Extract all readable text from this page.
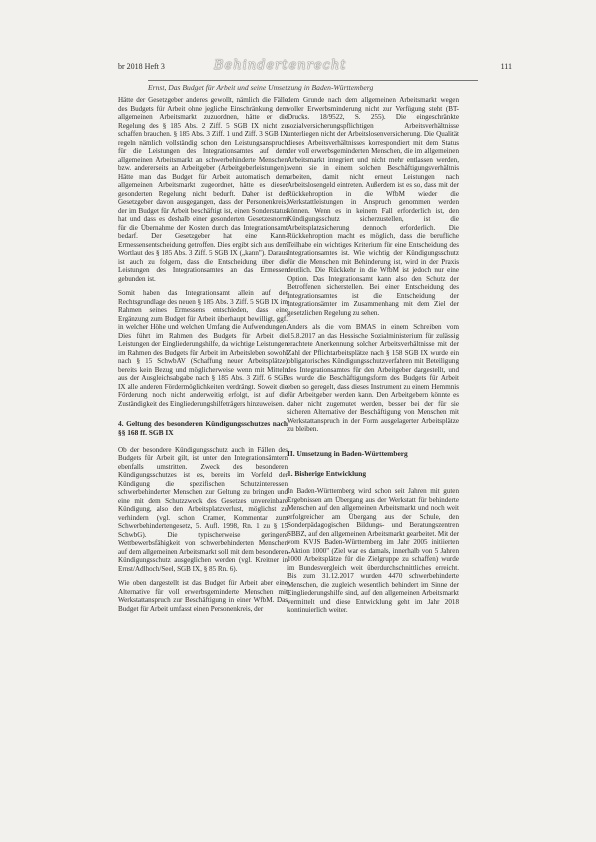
br 2018 Heft 3	Behindertenrecht	111
Ernst, Das Budget für Arbeit und seine Umsetzung in Baden-Württemberg

Hätte der Gesetzgeber anderes gewollt, nämlich die Fälle des Budgets für Arbeit ohne jegliche Einschränkung dem allgemeinen Arbeitsmarkt zuzuordnen, hätte er die Regelung des § 185 Abs. 2 Ziff. 5 SGB IX nicht zu schaffen brauchen. § 185 Abs. 3 Ziff. 1 und Ziff. 3 SGB IX regeln nämlich vollständig schon den Leistungsanspruch für die Leistungen des Integrationsamtes auf dem allgemeinen Arbeitsmarkt an schwerbehinderte Menschen bzw. andererseits an Arbeitgeber (Arbeitgeberleistungen). Hätte man das Budget für Arbeit automatisch dem allgemeinen Arbeitsmarkt zugeordnet, hätte es dieser gesonderten Regelung nicht bedurft. Daher ist der Gesetzgeber davon ausgegangen, dass der Personenkreis, der im Budget für Arbeit beschäftigt ist, einen Sonderstatus hat und dass es deshalb einer gesonderten Gesetzesnorm für die Übernahme der Kosten durch das Integrationsamt bedarf. Der Gesetzgeber hat eine Kann-Ermessensentscheidung getroffen. Dies ergibt sich aus dem Wortlaut des § 185 Abs. 3 Ziff. 5 SGB IX („kann"). Daraus ist auch zu folgern, dass die Entscheidung über die Leistungen des Integrationsamtes an das Ermessen gebunden ist.

Somit haben das Integrationsamt allein auf der Rechtsgrundlage des neuen § 185 Abs. 3 Ziff. 5 SGB IX im Rahmen seines Ermessens entschieden, dass eine Ergänzung zum Budget für Arbeit überhaupt bewilligt, ggf. in welcher Höhe und welchen Umfang die Aufwendungen. Dies führt im Rahmen des Budgets für Arbeit die Leistungen der Eingliederungshilfe, da wichtige Leistungen im Rahmen des Budgets für Arbeit im Arbeitsleben sowohl nach § 15 SchwbAV (Schaffung neuer Arbeitsplätze) bereits kein Bezug und möglicherweise wenn mit Mitteln aus der Ausgleichsabgabe nach § 185 Abs. 3 Ziff. 6 SGB IX alle anderen Fördermöglichkeiten verdrängt. Soweit die Förderung noch nicht anderweitig erfolgt, ist auf die Zuständigkeit des Eingliederungshilfeträgers hinzuweisen.

4. Geltung des besonderen Kündigungsschutzes nach §§ 168 ff. SGB IX

Ob der besondere Kündigungsschutz auch in Fällen des Budgets für Arbeit gilt, ist unter den Integrationsämtern ebenfalls umstritten. Zweck des besonderen Kündigungsschutzes ist es, bereits im Vorfeld der Kündigung die spezifischen Schutzinteressen schwerbehinderter Menschen zur Geltung zu bringen und eine mit dem Schutzzweck des Gesetzes unvereinbare Kündigung, also den Arbeitsplatzverlust, möglichst zu verhindern (vgl. schon Cramer, Kommentar zum Schwerbehindertengesetz, 5. Aufl. 1998, Rn. 1 zu § 15 SchwbG). Die typischerweise geringere Wettbewerbsfähigkeit von schwerbehinderten Menschen auf dem allgemeinen Arbeitsmarkt soll mit dem besonderen Kündigungsschutz ausgeglichen werden (vgl. Kreitner in Ernst/Adlhoch/Seel, SGB IX, § 85 Rn. 6).

Wie oben dargestellt ist das Budget für Arbeit aber eine Alternative für voll erwerbsgeminderte Menschen mit Werkstattanspruch zur Beschäftigung in einer WfbM. Das Budget für Arbeit umfasst einen Personenkreis, der

dem Grunde nach dem allgemeinen Arbeitsmarkt wegen voller Erwerbsminderung nicht zur Verfügung steht (BT-Drucks. 18/9522, S. 255). Die eingeschränkte sozialversicherungspflichtigen Arbeitsverhältnisse unterliegen nicht der Arbeitslosenversicherung. Die Qualität dieses Arbeitsverhältnisses korrespondiert mit dem Status der voll erwerbsgeminderten Menschen, die im allgemeinen Arbeitsmarkt integriert und nicht mehr entlassen werden, wenn sie in einem solchen Beschäftigungsverhältnis arbeiten, damit nicht erneut Leistungen nach Arbeitslosengeld eintreten. Außerdem ist es so, dass mit der Rückkehroption in die WfbM wieder die Werkstattleistungen in Anspruch genommen werden können. Wenn es in keinem Fall erforderlich ist, den Kündigungsschutz sicherzustellen, ist die Arbeitsplatzsicherung dennoch erforderlich. Die Rückkehroption macht es möglich, dass die berufliche Teilhabe ein wichtiges Kriterium für eine Entscheidung des Integrationsamtes ist. Wie wichtig der Kündigungsschutz für die Menschen mit Behinderung ist, wird in der Praxis deutlich. Die Rückkehr in die WfbM ist jedoch nur eine Option. Das Integrationsamt kann also den Schutz der Betroffenen sicherstellen. Bei einer Entscheidung des Integrationsamtes ist die Entscheidung der Integrationsämter im Zusammenhang mit dem Ziel der gesetzlichen Regelung zu sehen.

Anders als die vom BMAS in einem Schreiben vom 15.8.2017 an das Hessische Sozialministerium für zulässig erachtete Anerkennung solcher Arbeitsverhältnisse mit der Zahl der Pflichtarbeitsplätze nach § 158 SGB IX wurde ein obligatorisches Kündigungsschutzverfahren mit Beteiligung des Integrationsamtes für den Arbeitgeber dargestellt, und es wurde die Beschäftigungsform des Budgets für Arbeit eben so geregelt, dass dieses Instrument zu einem Hemmnis für Arbeitgeber werden kann. Den Arbeitgebern könnte es daher nicht zugemutet werden, besser bei der für sie sicheren Alternative der Beschäftigung von Menschen mit Werkstattanspruch in der Form ausgelagerter Arbeitsplätze zu bleiben.

II. Umsetzung in Baden-Württemberg
1. Bisherige Entwicklung

In Baden-Württemberg wird schon seit Jahren mit guten Ergebnissen am Übergang aus der Werkstatt für behinderte Menschen auf den allgemeinen Arbeitsmarkt und noch weit erfolgreicher am Übergang aus der Schule, den Sonderpädagogischen Bildungs- und Beratungszentren SBBZ, auf den allgemeinen Arbeitsmarkt gearbeitet. Mit der vom KVJS Baden-Württemberg im Jahr 2005 initiierten „Aktion 1000" (Ziel war es damals, innerhalb von 5 Jahren 1000 Arbeitsplätze für die Zielgruppe zu schaffen) wurde im Bundesvergleich weit überdurchschnittliches erreicht. Bis zum 31.12.2017 wurden 4470 schwerbehinderte Menschen, die zugleich wesentlich behindert im Sinne der Eingliederungshilfe sind, auf den allgemeinen Arbeitsmarkt vermittelt und diese Entwicklung geht im Jahr 2018 kontinuierlich weiter.
